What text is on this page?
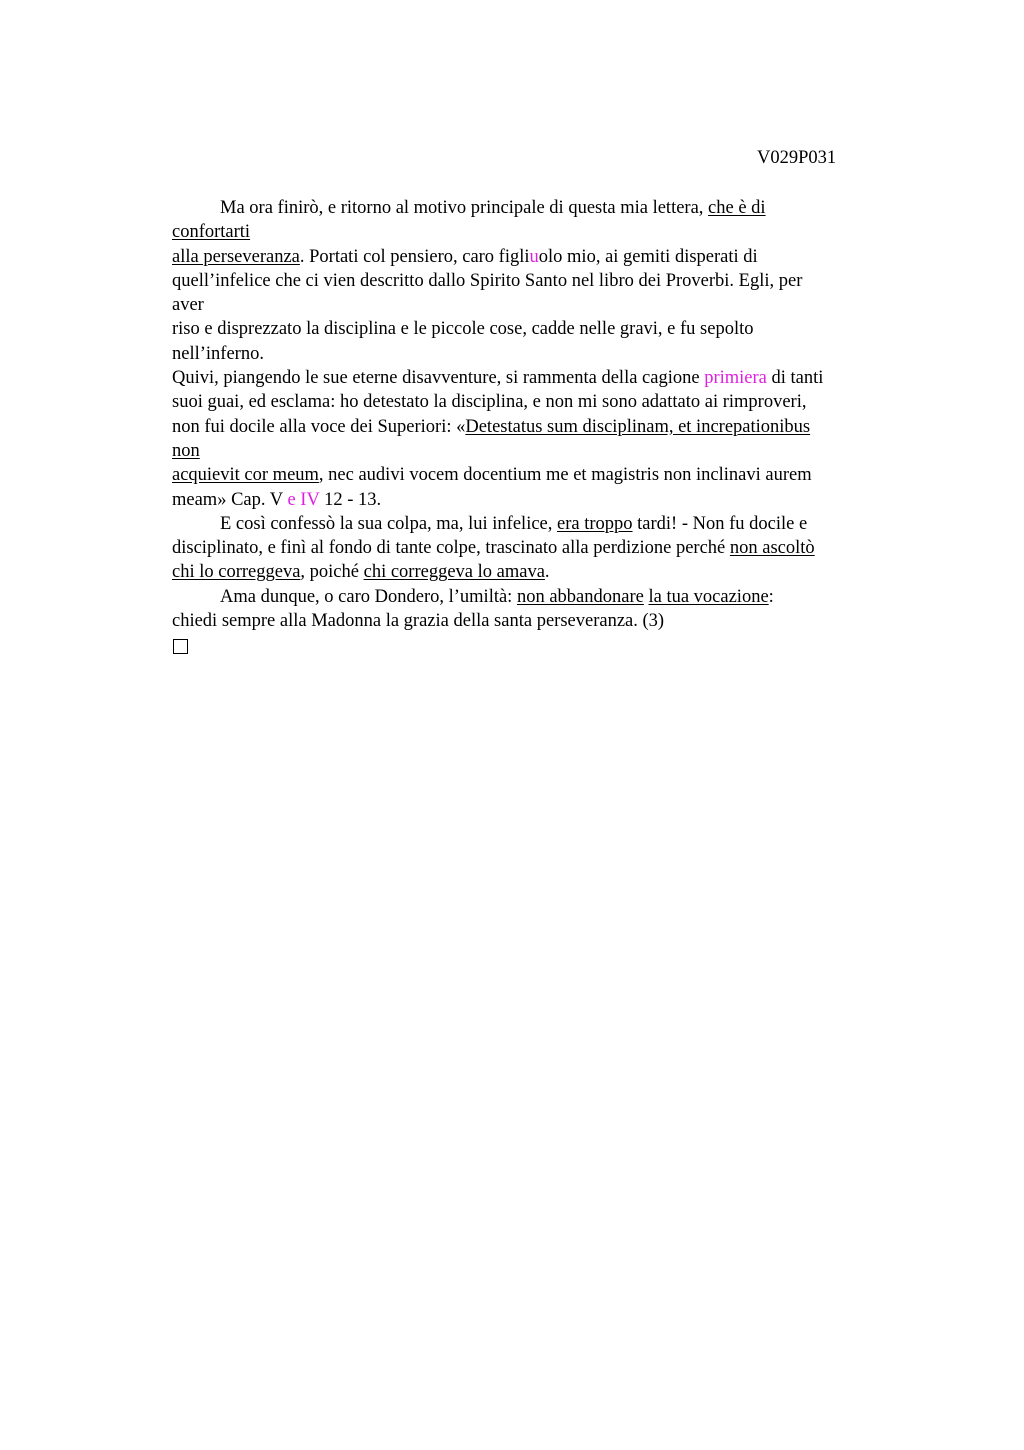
V029P031
Ma ora finirò, e ritorno al motivo principale di questa mia lettera, che è di
confortarti
alla perseveranza. Portati col pensiero, caro figliuolo mio, ai gemiti disperati di
quell’infelice che ci vien descritto dallo Spirito Santo nel libro dei Proverbi. Egli, per
aver
riso e disprezzato la disciplina e le piccole cose, cadde nelle gravi, e fu sepolto
nell’inferno.
Quivi, piangendo le sue eterne disavventure, si rammenta della cagione primiera di tanti
suoi guai, ed esclama: ho detestato la disciplina, e non mi sono adattato ai rimproveri,
non fui docile alla voce dei Superiori: «Detestatus sum disciplinam, et increpationibus
non
acquievit cor meum, nec audivi vocem docentium me et magistris non inclinavi aurem
meam» Cap. V e IV 12 - 13.
E così confessò la sua colpa, ma, lui infelice, era troppo tardi! - Non fu docile e
disciplinato, e finì al fondo di tante colpe, trascinato alla perdizione perché non ascoltò
chi lo correggeva, poiché chi correggeva lo amava.
Ama dunque, o caro Dondero, l’umiltà: non abbandonare la tua vocazione:
chiedi sempre alla Madonna la grazia della santa perseveranza. (3)
